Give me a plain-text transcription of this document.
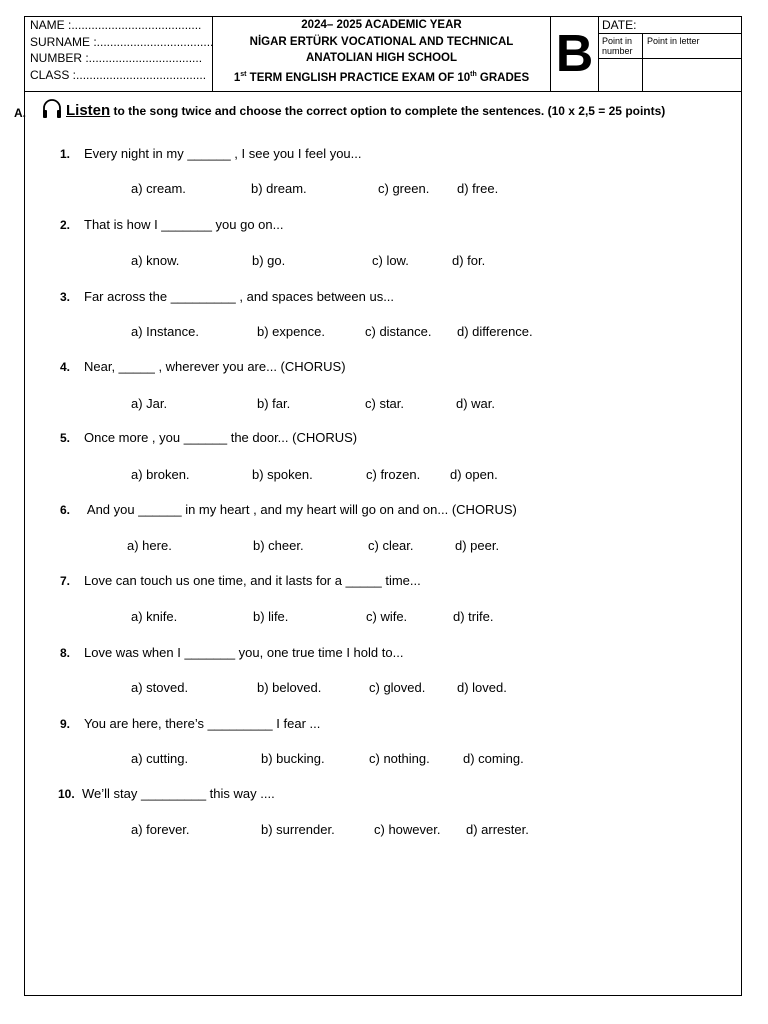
NAME :.......................................
SURNAME :...................................
NUMBER :..................................
CLASS :.......................................
2024– 2025 ACADEMIC YEAR
NİGAR ERTÜRK VOCATIONAL AND TECHNICAL
ANATOLIAN HIGH SCHOOL
1st TERM ENGLISH PRACTICE EXAM OF 10th GRADES B DATE:
Point in number
Point in letter
A.	Listen to the song twice and choose the correct option to complete the sentences. (10 x 2,5 = 25 points)
1. Every night in my ______ , I see you I feel you...
a) cream.	b) dream.	c) green. d) free.
2. That is how I _______ you go on...
a) know.	b) go.	c) low.	d) for.
3. Far across the _________ , and spaces between us...
a) Instance.	b) expence.	c) distance. d) difference.
4. Near, _____ , wherever you are... (CHORUS)
a) Jar.	b) far.	c) star.	d) war.
5. Once more , you ______ the door... (CHORUS)
a) broken.	b) spoken.	c) frozen. d) open.
6. And you ______ in my heart , and my heart will go on and on... (CHORUS)
a) here.	b) cheer.	c) clear.	d) peer.
7. Love can touch us one time, and it lasts for a _____ time...
a) knife.	b) life.	c) wife.	d) trife.
8. Love was when I _______ you, one true time I hold to...
a) stoved.	b) beloved.	c) gloved. d) loved.
9. You are here, there’s _________ I fear ...
a) cutting.	b) bucking.	c) nothing.	d) coming.
10. We’ll stay _________ this way ....
a) forever.	b) surrender.	c) however. d) arrester.
